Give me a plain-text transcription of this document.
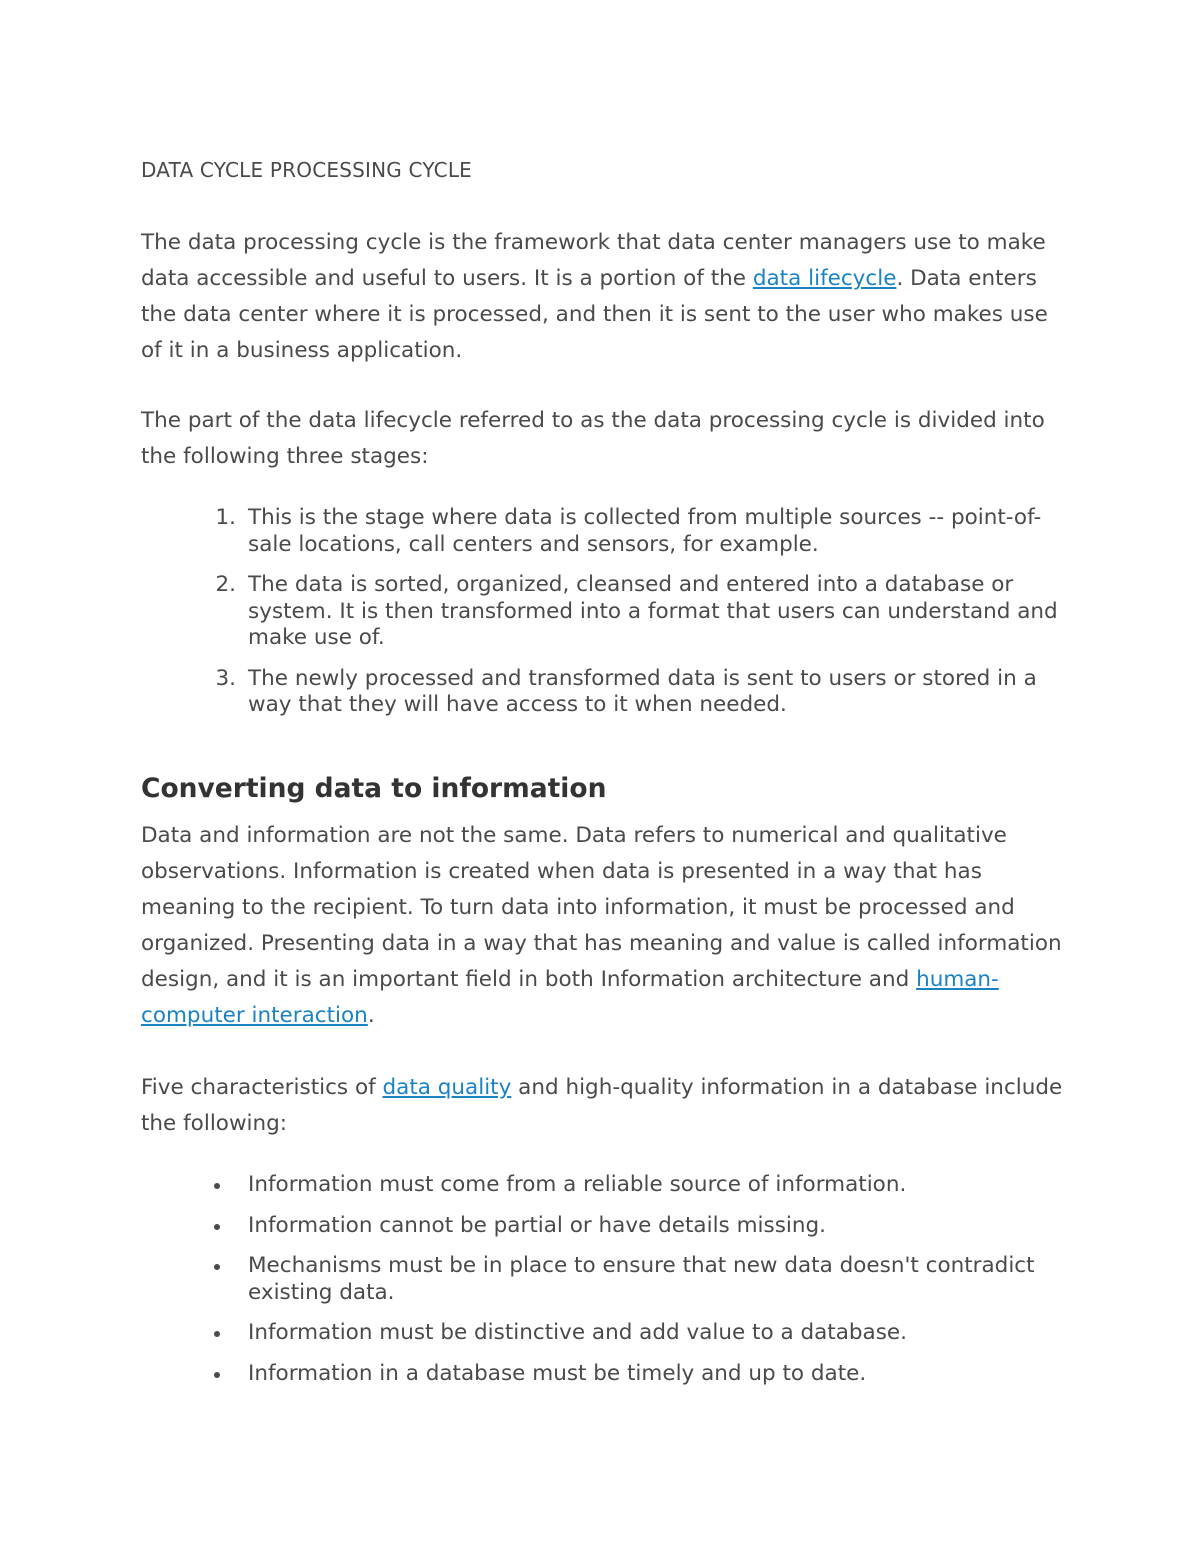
DATA CYCLE PROCESSING CYCLE

The data processing cycle is the framework that data center managers use to make data accessible and useful to users. It is a portion of the data lifecycle. Data enters the data center where it is processed, and then it is sent to the user who makes use of it in a business application.

The part of the data lifecycle referred to as the data processing cycle is divided into the following three stages:

1. This is the stage where data is collected from multiple sources -- point-of-sale locations, call centers and sensors, for example.
2. The data is sorted, organized, cleansed and entered into a database or system. It is then transformed into a format that users can understand and make use of.
3. The newly processed and transformed data is sent to users or stored in a way that they will have access to it when needed.
Converting data to information

Data and information are not the same. Data refers to numerical and qualitative observations. Information is created when data is presented in a way that has meaning to the recipient. To turn data into information, it must be processed and organized. Presenting data in a way that has meaning and value is called information design, and it is an important field in both Information architecture and human-computer interaction.

Five characteristics of data quality and high-quality information in a database include the following:

Information must come from a reliable source of information.
Information cannot be partial or have details missing.
Mechanisms must be in place to ensure that new data doesn't contradict existing data.
Information must be distinctive and add value to a database.
Information in a database must be timely and up to date.
